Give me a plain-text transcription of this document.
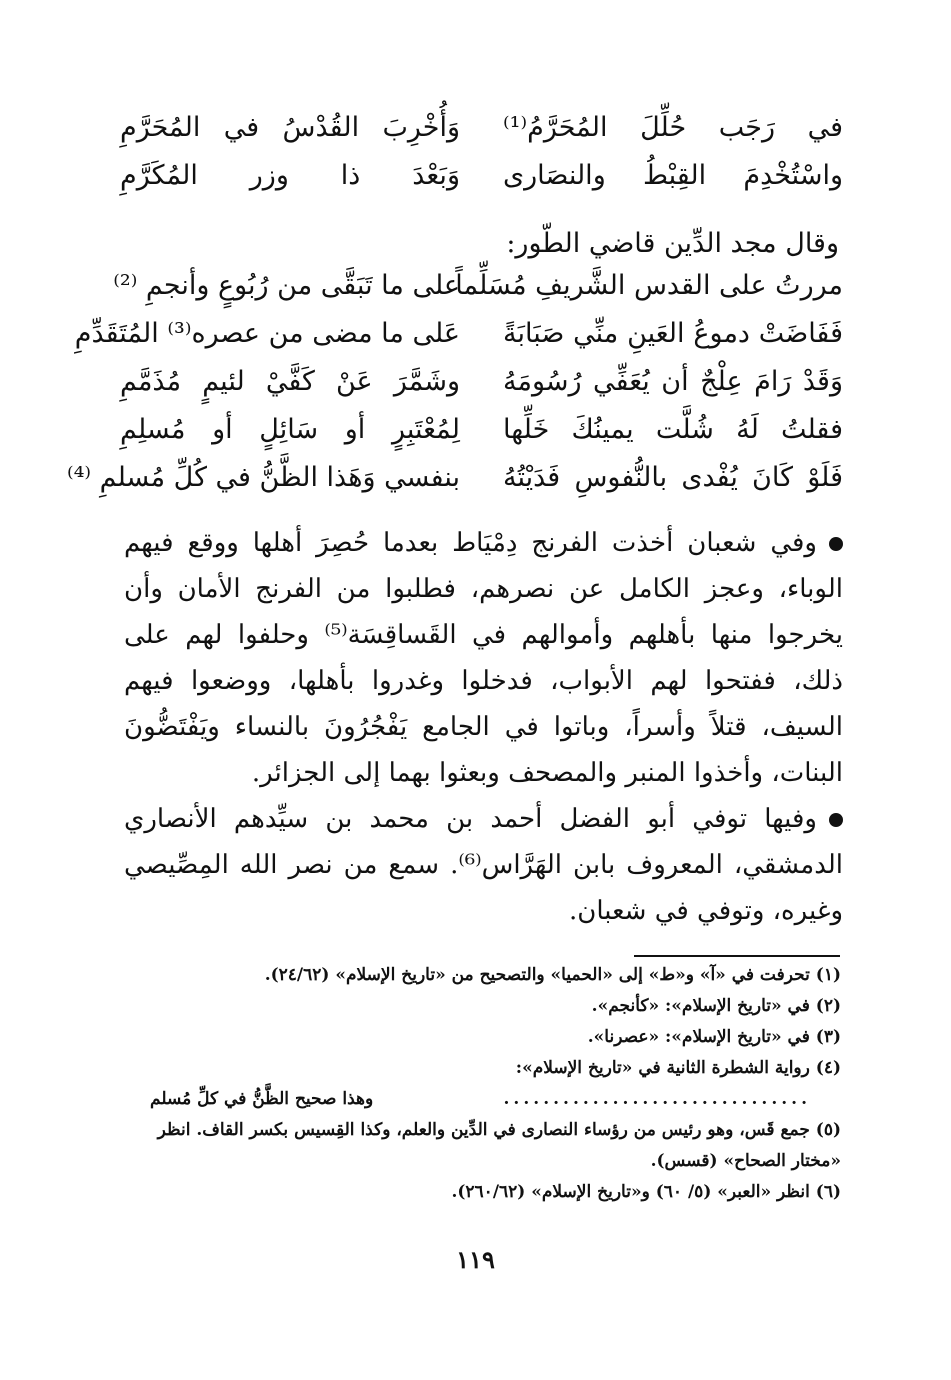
في رَجَب حُلِّلَ المُحَرَّمُ⁽¹⁾
وَأُخْرِبَ القُدْسُ في المُحَرَّمِ
واسْتُخْدِمَ القِبْطُ والنصَارى
وَبَعْدَ ذا وزر المُكَرَّمِ
وقال مجد الدِّين قاضي الطّور:
مررتُ على القدس الشَّريفِ مُسَلِّماً
على ما تَبَقَّى من رُبُوعٍ وأنجمِ ⁽²⁾
فَفَاضَتْ دموعُ العَينِ منِّي صَبَابَةً
عَلى ما مضى من عصره⁽³⁾ المُتَقَدِّمِ
وَقَدْ رَامَ عِلْجٌ أن يُعَفِّي رُسُومَهُ
وشَمَّرَ عَنْ كَفَّيْ لئيمٍ مُذَمَّمِ
فقلتُ لَهُ شُلَّت يمينُكَ خَلِّها
لِمُعْتَبِرٍ أو سَائِلٍ أو مُسلِمِ
فَلَوْ كَانَ يُفْدى بالنُّفوسِ فَدَيْتُهُ
بنفسي وَهَذا الظَّنُّ في كُلِّ مُسلمِ ⁽⁴⁾
وفي شعبان أخذت الفرنج دِمْيَاط بعدما حُصِرَ أهلها ووقع فيهم الوباء، وعجز الكامل عن نصرهم، فطلبوا من الفرنج الأمان وأن يخرجوا منها بأهلهم وأموالهم في القَساقِسَة⁽⁵⁾ وحلفوا لهم على ذلك، ففتحوا لهم الأبواب، فدخلوا وغدروا بأهلها، ووضعوا فيهم السيف، قتلاً وأسراً، وباتوا في الجامع يَفْجُرُونَ بالنساء ويَفْتَضُّونَ البنات، وأخذوا المنبر والمصحف وبعثوا بهما إلى الجزائر.
وفيها توفي أبو الفضل أحمد بن محمد بن سيِّدهم الأنصاري الدمشقي، المعروف بابن الهَرَّاس⁽⁶⁾. سمع من نصر الله المِصِّيصي وغيره، وتوفي في شعبان.
(١) تحرفت في «آ» و«ط» إلى «الحميا» والتصحيح من «تاريخ الإسلام» (٢٤/٦٢).
(٢) في «تاريخ الإسلام»: «كأنجم».
(٣) في «تاريخ الإسلام»: «عصرنا».
(٤) رواية الشطرة الثانية في «تاريخ الإسلام»:
...............................
وهذا صحيح الظَّنُّ في كلِّ مُسلم
(٥) جمع قَس، وهو رئيس من رؤساء النصارى في الدِّين والعلم، وكذا القِسيس بكسر القاف. انظر «مختار الصحاح» (قسس).
(٦) انظر «العبر» (٥/ ٦٠) و«تاريخ الإسلام» (٢٦٠/٦٢).
١١٩
